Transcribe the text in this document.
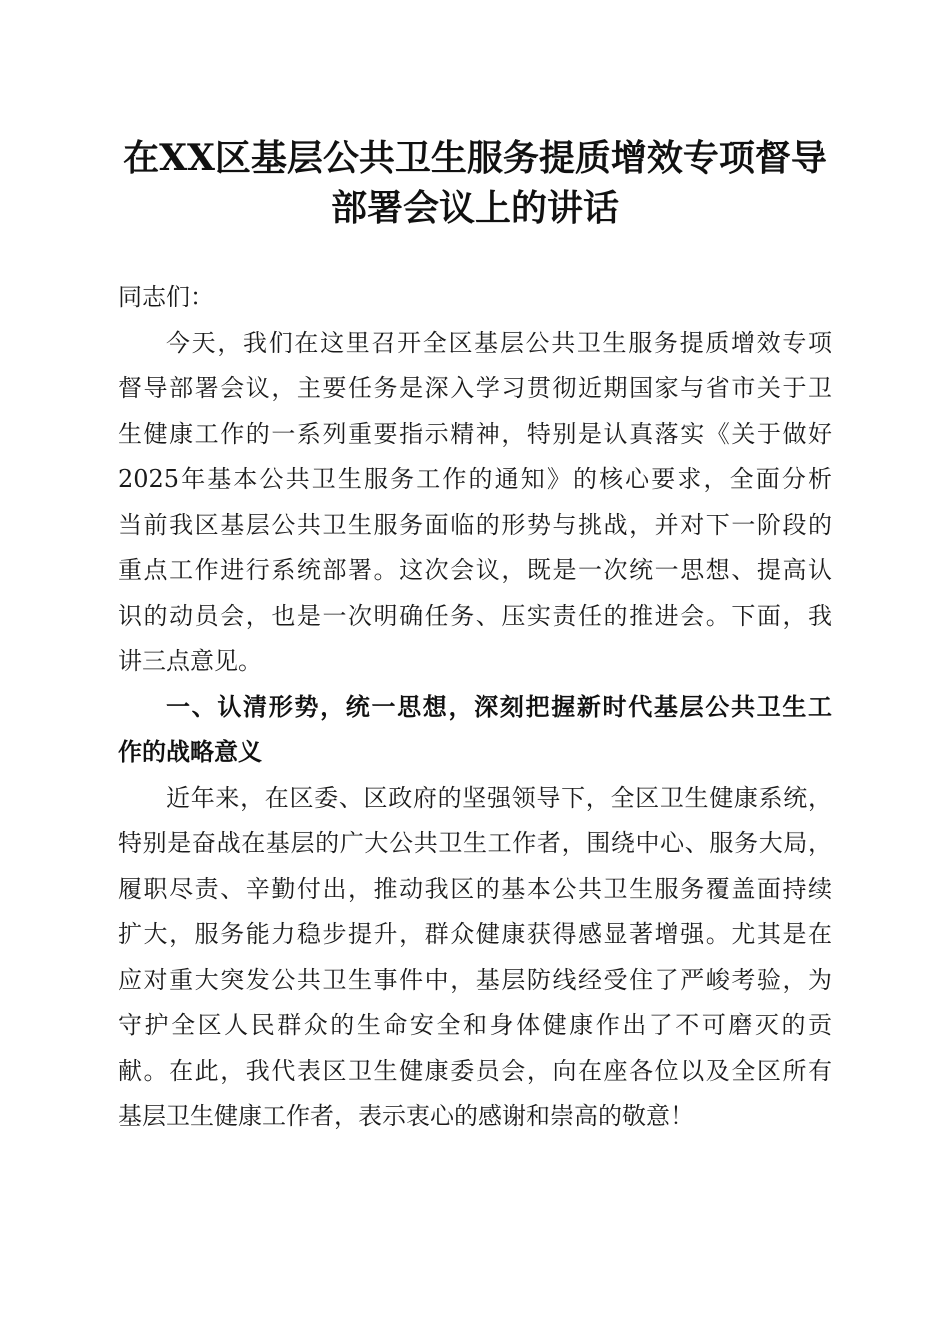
在XX区基层公共卫生服务提质增效专项督导
部署会议上的讲话

同志们：

今天，我们在这里召开全区基层公共卫生服务提质增效专项
督导部署会议，主要任务是深入学习贯彻近期国家与省市关于卫
生健康工作的一系列重要指示精神，特别是认真落实《关于做好
2025年基本公共卫生服务工作的通知》的核心要求，全面分析
当前我区基层公共卫生服务面临的形势与挑战，并对下一阶段的
重点工作进行系统部署。这次会议，既是一次统一思想、提高认
识的动员会，也是一次明确任务、压实责任的推进会。下面，我
讲三点意见。

一、认清形势，统一思想，深刻把握新时代基层公共卫生工
作的战略意义

近年来，在区委、区政府的坚强领导下，全区卫生健康系统，
特别是奋战在基层的广大公共卫生工作者，围绕中心、服务大局，
履职尽责、辛勤付出，推动我区的基本公共卫生服务覆盖面持续
扩大，服务能力稳步提升，群众健康获得感显著增强。尤其是在
应对重大突发公共卫生事件中，基层防线经受住了严峻考验，为
守护全区人民群众的生命安全和身体健康作出了不可磨灭的贡
献。在此，我代表区卫生健康委员会，向在座各位以及全区所有
基层卫生健康工作者，表示衷心的感谢和崇高的敬意！
